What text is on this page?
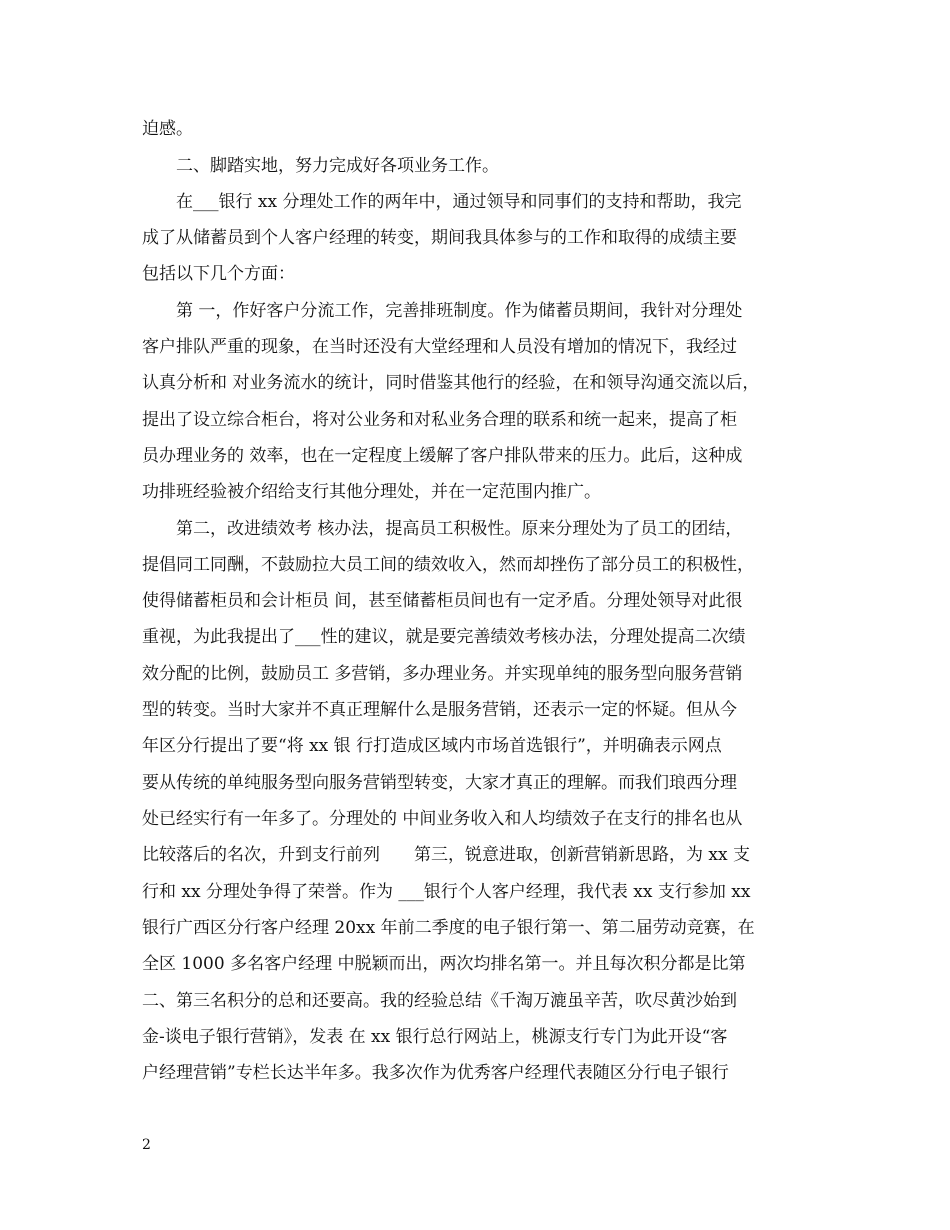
迫感。
二、脚踏实地，努力完成好各项业务工作。
在___银行 xx 分理处工作的两年中，通过领导和同事们的支持和帮助，我完
成了从储蓄员到个人客户经理的转变，期间我具体参与的工作和取得的成绩主要
包括以下几个方面：
第 一，作好客户分流工作，完善排班制度。作为储蓄员期间，我针对分理处
客户排队严重的现象，在当时还没有大堂经理和人员没有增加的情况下，我经过
认真分析和 对业务流水的统计，同时借鉴其他行的经验，在和领导沟通交流以后，
提出了设立综合柜台，将对公业务和对私业务合理的联系和统一起来，提高了柜
员办理业务的 效率，也在一定程度上缓解了客户排队带来的压力。此后，这种成
功排班经验被介绍给支行其他分理处，并在一定范围内推广。
第二，改进绩效考 核办法，提高员工积极性。原来分理处为了员工的团结，
提倡同工同酬，不鼓励拉大员工间的绩效收入，然而却挫伤了部分员工的积极性，
使得储蓄柜员和会计柜员 间，甚至储蓄柜员间也有一定矛盾。分理处领导对此很
重视，为此我提出了___性的建议，就是要完善绩效考核办法，分理处提高二次绩
效分配的比例，鼓励员工 多营销，多办理业务。并实现单纯的服务型向服务营销
型的转变。当时大家并不真正理解什么是服务营销，还表示一定的怀疑。但从今
年区分行提出了要“将 xx 银 行打造成区域内市场首选银行”，并明确表示网点
要从传统的单纯服务型向服务营销型转变，大家才真正的理解。而我们琅西分理
处已经实行有一年多了。分理处的 中间业务收入和人均绩效子在支行的排名也从
比较落后的名次，升到支行前列　　第三，锐意进取，创新营销新思路，为 xx 支
行和 xx 分理处争得了荣誉。作为 ___银行个人客户经理，我代表 xx 支行参加 xx
银行广西区分行客户经理 20xx 年前二季度的电子银行第一、第二届劳动竞赛，在
全区 1000 多名客户经理 中脱颖而出，两次均排名第一。并且每次积分都是比第
二、第三名积分的总和还要高。我的经验总结《千淘万漉虽辛苦，吹尽黄沙始到
金-谈电子银行营销》，发表 在 xx 银行总行网站上，桃源支行专门为此开设“客
户经理营销”专栏长达半年多。我多次作为优秀客户经理代表随区分行电子银行
2
